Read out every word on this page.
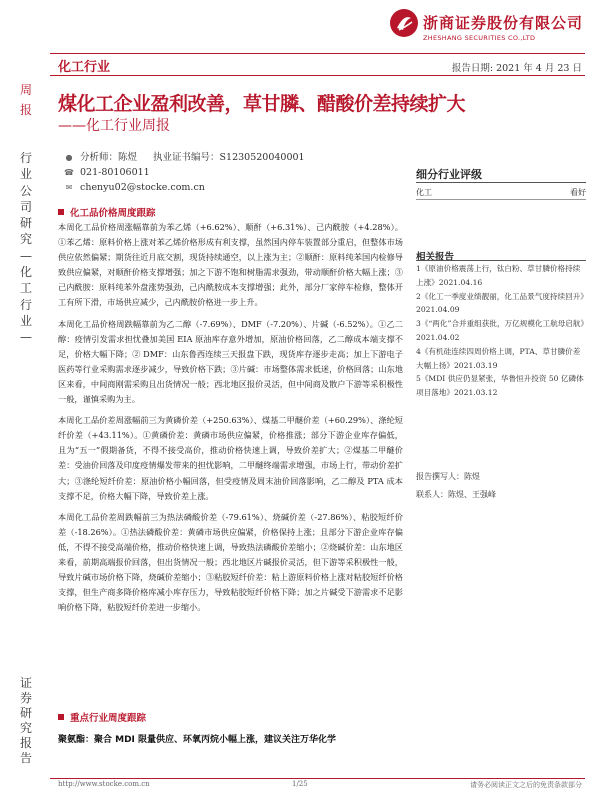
浙商证券股份有限公司
ZHESHANG SECURITIES CO.,LTD
化工行业	报告日期: 2021 年 4 月 23 日
周报
行业公司研究—化工行业—
证券研究报告
煤化工企业盈利改善，草甘膦、醋酸价差持续扩大
——化工行业周报
● 分析师：陈煜 执业证书编号：S1230520040001
☎ 021-80106011
✉ chenyu02@stocke.com.cn
化工品价格周度跟踪

本周化工品价格周涨幅靠前为苯乙烯（+6.62%）、顺酐（+6.31%）、己内酰胺（+4.28%）。①苯乙烯：原料价格上涨对苯乙烯价格形成有利支撑，虽然国内停车装置部分重启，但整体市场供应依然偏紧；期货往近月底交割，现货持续通空，以上涨为主；②顺酐：原料纯苯国内检修导致供应偏紧，对顺酐价格支撑增强；加之下游不饱和树脂需求强劲，带动顺酐价格大幅上涨；③己内酰胺：原料纯苯外盘涨势强劲，己内酰胺成本支撑增强；此外，部分厂家停车检修，整体开工有所下滑，市场供应减少，己内酰胺价格进一步上升。

本周化工品价格周跌幅靠前为乙二醇（-7.69%）、DMF（-7.20%）、片碱（-6.52%）。①乙二醇：疫情引发需求担忧叠加美国 EIA 原油库存意外增加，原油价格回落，乙二醇成本端支撑不足，价格大幅下降；② DMF：山东鲁西连续三天报盘下跌，现货库存逐步走高；加上下游电子医药等行业采购需求逐步减少，导致价格下跌；③片碱：市场整体需求低迷，价格回落；山东地区来看，中间商刚需采购且出货情况一般；西北地区报价灵活，但中间商及散户下游等采积极性一般，谨慎采购为主。

本周化工品价差周涨幅前三为黄磷价差（+250.63%）、煤基二甲醚价差（+60.29%）、涤纶短纤价差（+43.11%）。①黄磷价差：黄磷市场供应偏紧，价格推涨；部分下游企业库存偏低，且为“五一”假期备货，不得不接受高价，推动价格快速上调，导致价差扩大；②煤基二甲醚价差：受油价回落及印度疫情爆发带来的担忧影响，二甲醚终端需求增强，市场上行，带动价差扩大；③涤纶短纤价差：原油价格小幅回落，但受疫情及周末油价回落影响，乙二醇及 PTA 成本支撑不足，价格大幅下降，导致价差上涨。

本周化工品价差周跌幅前三为热法磷酸价差（-79.61%）、烧碱价差（-27.86%）、粘胶短纤价差（-18.26%）。①热法磷酸价差：黄磷市场供应偏紧，价格保持上涨；且部分下游企业库存偏低，不得不接受高端价格，推动价格快速上调，导致热法磷酸价差缩小；②烧碱价差：山东地区来看，前期高端报价回落，但出货情况一般；西北地区片碱报价灵活，但下游等采积极性一般，导致片碱市场价格下降，烧碱价差缩小；③粘胶短纤价差：粘上游原料价格上涨对粘胶短纤价格支撑，但生产商多降价格库减小库存压力，导致粘胶短纤价格下降；加之片碱受下游需求不足影响价格下降，粘胶短纤价差进一步缩小。

重点行业周度跟踪
聚氨酯：聚合 MDI 限量供应、环氧丙烷小幅上涨，建议关注万华化学
细分行业评级
化工	看好
相关报告
1《原油价格震荡上行，钛白粉、草甘膦价格持续上涨》2021.04.16
2《化工一季度业绩靓丽，化工品景气度持续回升》2021.04.09
3《“两化”合并重组获批，万亿规模化工航母启航》2021.04.02
4《有机硅连续四周价格上调，PTA、草甘膦价差大幅上扬》2021.03.19
5《MDI 供应仍显紧张，华鲁恒升投资 50 亿磷体项目落地》2021.03.12
报告撰写人：陈煜
联系人：陈煜、王强峰
http://www.stocke.com.cn	1/25	请务必阅读正文之后的免责条款部分
